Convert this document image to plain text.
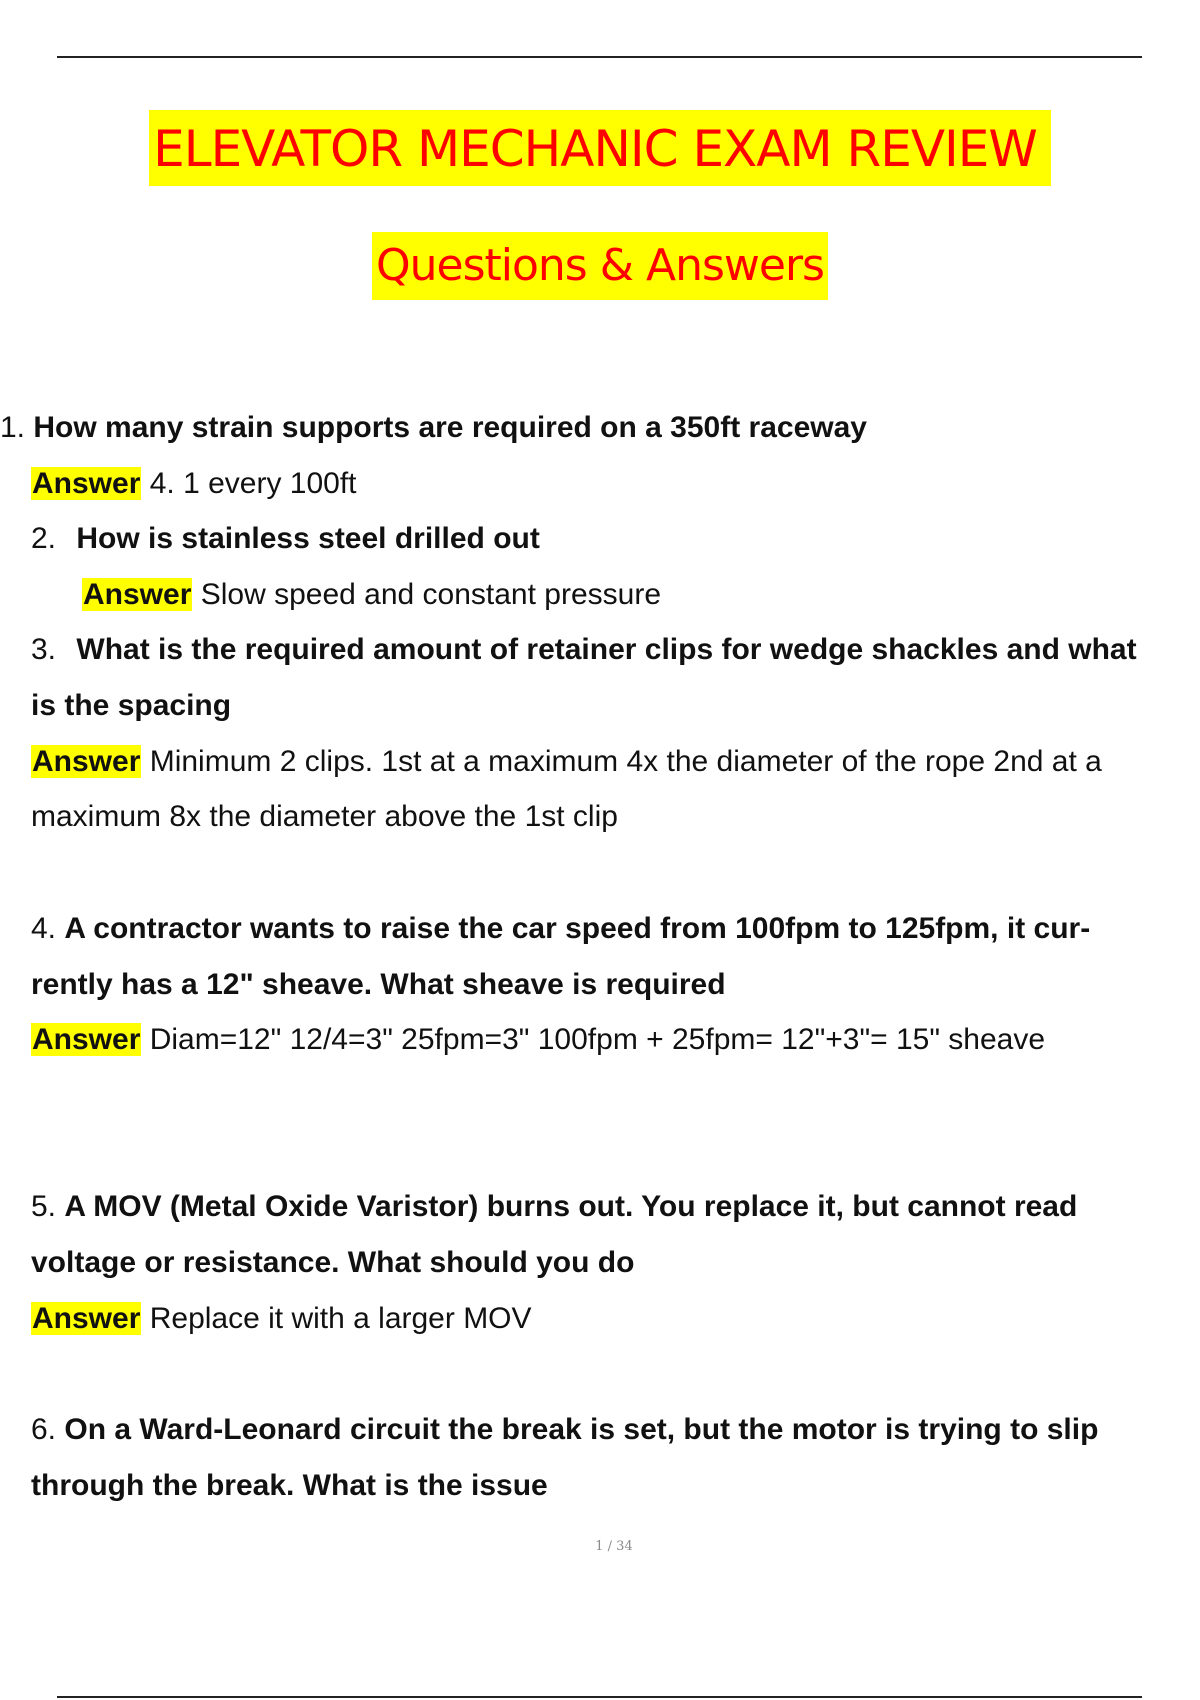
ELEVATOR MECHANIC EXAM REVIEW
Questions & Answers
1. How many strain supports are required on a 350ft raceway
Answer 4. 1 every 100ft
2. How is stainless steel drilled out
Answer Slow speed and constant pressure
3. What is the required amount of retainer clips for wedge shackles and what
is the spacing
Answer Minimum 2 clips. 1st at a maximum 4x the diameter of the rope 2nd at a
maximum 8x the diameter above the 1st clip
4. A contractor wants to raise the car speed from 100fpm to 125fpm, it cur-
rently has a 12" sheave. What sheave is required
Answer Diam=12" 12/4=3" 25fpm=3" 100fpm + 25fpm= 12"+3"= 15" sheave
5. A MOV (Metal Oxide Varistor) burns out. You replace it, but cannot read
voltage or resistance. What should you do
Answer Replace it with a larger MOV
6. On a Ward-Leonard circuit the break is set, but the motor is trying to slip
through the break. What is the issue
1 / 34
